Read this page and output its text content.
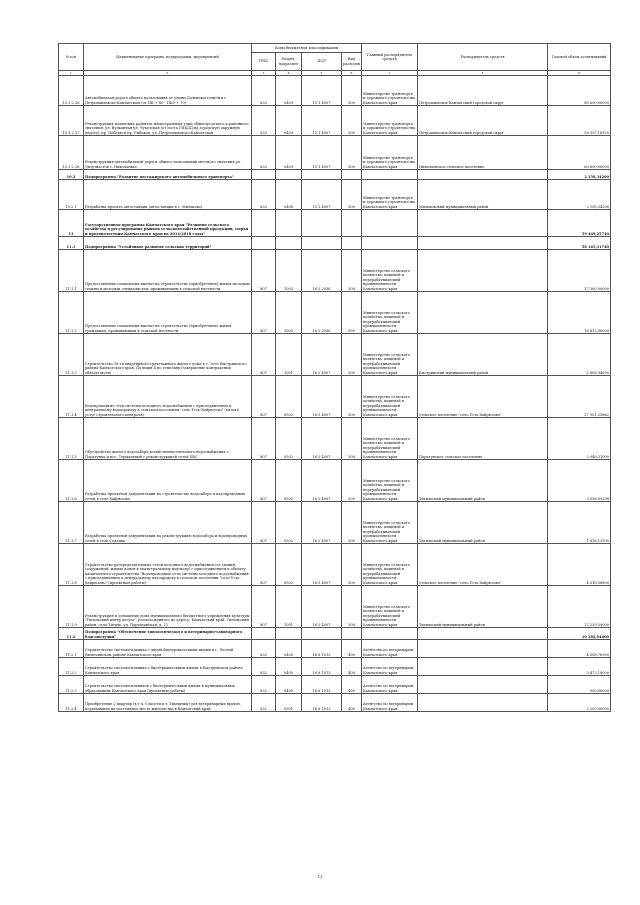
№ п/п	Наименование программ, подпрограмм, мероприятий	Коды бюджетной классификации				Главный распорядитель средств	Распорядитель средств	Годовой объем ассигнований
		ГРБС	Раздел, подраздел	ЦСР	Вид расходов			
1	2	3	4	5	6	7	8	9
10.1.2.26	Автомобильная дорога общего пользования от улицы Дальневосточной в г. Петропавловске-Камчатском (от ПК + 80 - ПК9 + 70)	833	0409	15 1 4007	500	Министерство транспорта и дорожного строительства Камчатского края	Петропавловск-Камчатский городской округ	85 690,00000
10.1.2.27	Реконструкция кольцевых развязок магистральных улиц общегородского и районного значения: ул. Вулканная-ул. Чукотская (от поста ГИБДД на городскую окружную дорогу), пр. Победы и пр. Рыбаков, ул. Петропавловско-Камчатская	833	0409	15 1 4007	500	Министерство транспорта и дорожного строительства Камчатского края	Петропавловск-Камчатский городской округ	39 337,18920
10.1.2.28	Реконструкция автомобильной дороги общего пользования местного значения ул. Энтузиастов с. Николаевка	833	0409	15 1 4007	500	Министерство транспорта и дорожного строительства Камчатского края	Николаевское сельское поселение	69 690,00000
10.2	Подпрограмма "Развитие пассажирского автомобильного транспорта"							2 158,34200
10.2.1	Разработка проекта автостанции (автостанции в с. Мильково)	833	0408	15 2 4007	500	Министерство транспорта и дорожного строительства Камчатского края	Мильковский муниципальный район	2 158,34200
11	Государственная программа Камчатского края "Развитие сельского хозяйства и регулирование рынков сельскохозяйственной продукции, сырья и продовольствия Камчатского края на 2014-2018 годы"							59 449,25740
11.1	Подпрограмма "Устойчивое развитие сельских территорий"							58 165,31740
11.1.1	Предоставление социальных выплат на строительство (приобретение) жилья молодым семьям и молодым специалистам, проживающим в сельской местности	807	1003	16 5 2036	300	Министерство сельского хозяйства, пищевой и перерабатывающей промышленности Камчатского края		17 300,00000
11.1.2	Предоставление социальных выплат на строительство (приобретение) жилья гражданам, проживающим в сельской местности	807	1003	16 5 2036	300	Министерство сельского хозяйства, пищевой и перерабатывающей промышленности Камчатского края		16 813,00000
11.1.3	Строительство 18-ти квартирного трехэтажного жилого дома в с. Эссо Быстринского района Камчатского края. Позиция 4 по генплану (завершение контрактных обязательств)	807	1001	16 5 4007	500	Министерство сельского хозяйства, пищевой и перерабатывающей промышленности Камчатского края	Быстринский муниципальный район	2 808,94600
11.1.4	Водопроводные сети системы холодного водоснабжения с присоединением к центральному водопроводу в сельском поселении "село Усть-Хайрюзово" (оплата услуг строительного контроля)	807	0502	16 5 4007	500	Министерство сельского хозяйства, пищевой и перерабатывающей промышленности Камчатского края	Сельское поселение "село Усть-Хайрюзово"	27 951,25862
11.1.5	Обустройство жилого водозабора хозяйственно-питьевого водоснабжения с. Паратунка и пос. Термальный с реконструкцией сетей ХВС	807	0502	16 5 4007	500	Министерство сельского хозяйства, пищевой и перерабатывающей промышленности Камчатского края	Паратунское сельское поселение	2 948,31000
11.1.6	Разработка проектной документации на строительство водозабора и водопроводных сетей в селе Хайрюзово	807	0502	16 5 4007	500	Министерство сельского хозяйства, пищевой и перерабатывающей промышленности Камчатского края	Тигильский муниципальный район	3 096,09298
11.1.7	Разработка проектной документации на реконструкцию водозабора и водопроводных сетей в селе Седанка	807	0502	16 5 4007	500	Министерство сельского хозяйства, пищевой и перерабатывающей промышленности Камчатского края	Тигильский муниципальный район	1 818,12500
11.1.8	Строительство распределительных сетей холодного водоснабжения (от зданий, сооружений, жилых домов к магистральному водоводу) с присоединением к объекту капитального строительства "Водопроводные сети системы холодного водоснабжения с присоединением к центральному водопроводу в сельском поселении "село Усть-Хайрюзово" (проектные работы)	807	0502	16 5 4007	500	Министерство сельского хозяйства, пищевой и перерабатывающей промышленности Камчатского края	Сельское поселение "село Усть-Хайрюзово"	4 016,58800
11.1.9	Реконструкция и оснащение дома муниципального бюджетного учреждения культуры "Тигильский центр досуга", расположенного по адресу: Камчатский край, Тигильский район, село Тигиль, ул. Партизанская, д. 21	807	1001	16 5 4007	500	Министерство сельского хозяйства, пищевой и перерабатывающей промышленности Камчатского края	Тигильский муниципальный район	12 239,39000
11.2	Подпрограмма "Обеспечение эпизоотического и ветеринарно-санитарного благополучия"							10 282,94000
11.2.1	Строительство скотомогильника с двумя биотермическими ямами в г. Лесной Вилючинском районе Камчатского края	832	0405	16 8 1013	400	Агентство по ветеринарии Камчатского края		4 508,76950
11.2.2	Строительство скотомогильника с биотермическими ямами в Быстринском районе Камчатского края	832	0405	16 8 1013	400	Агентство по ветеринарии Камчатского края		3 473,18000
11.2.3	Строительство скотомогильников с биотермическими ямами в муниципальных образованиях Камчатского края (проектные работы)	832	0405	16 8 1013	400	Агентство по ветеринарии Камчатского края		990,00000
11.2.4	Приобретение 2 квартир (в т.ч. Соцсети в т. Тимчинки) для ветеринарных врачей, переехавших на постоянное место жительства в Камчатский край	832	0501	16 8 1013	400	Агентство по ветеринарии Камчатского края		2 200,00000
11
